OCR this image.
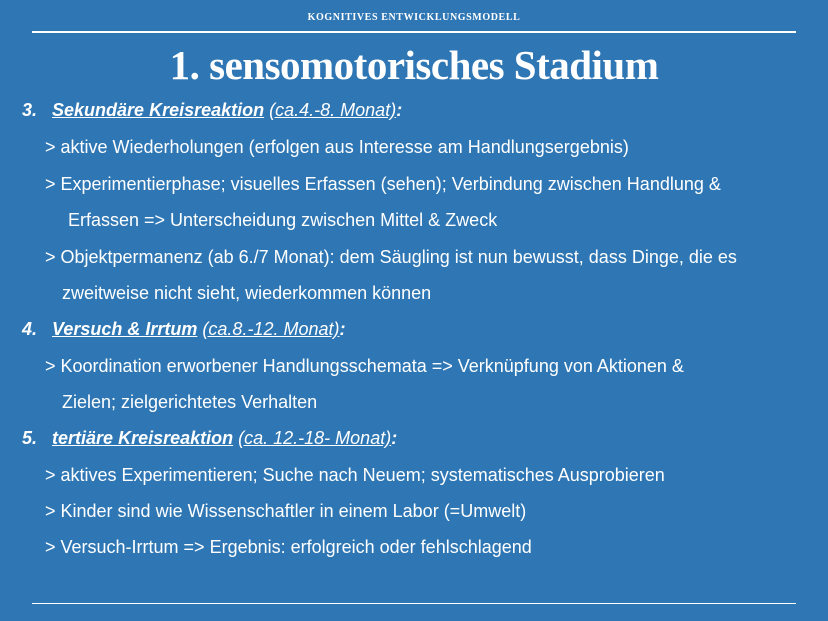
KOGNITIVES ENTWICKLUNGSMODELL
1. sensomotorisches Stadium
3. Sekundäre Kreisreaktion (ca.4.-8. Monat):
> aktive Wiederholungen (erfolgen aus Interesse am Handlungsergebnis)
> Experimentierphase; visuelles Erfassen (sehen); Verbindung zwischen Handlung &
Erfassen => Unterscheidung zwischen Mittel & Zweck
> Objektpermanenz (ab 6./7 Monat): dem Säugling ist nun bewusst, dass Dinge, die es
zweitweise nicht sieht, wiederkommen können
4. Versuch & Irrtum (ca.8.-12. Monat):
> Koordination erworbener Handlungsschemata => Verknüpfung von Aktionen &
Zielen; zielgerichtetes Verhalten
5. tertiäre Kreisreaktion (ca. 12.-18- Monat):
> aktives Experimentieren; Suche nach Neuem; systematisches Ausprobieren
> Kinder sind wie Wissenschaftler in einem Labor (=Umwelt)
> Versuch-Irrtum => Ergebnis: erfolgreich oder fehlschlagend
